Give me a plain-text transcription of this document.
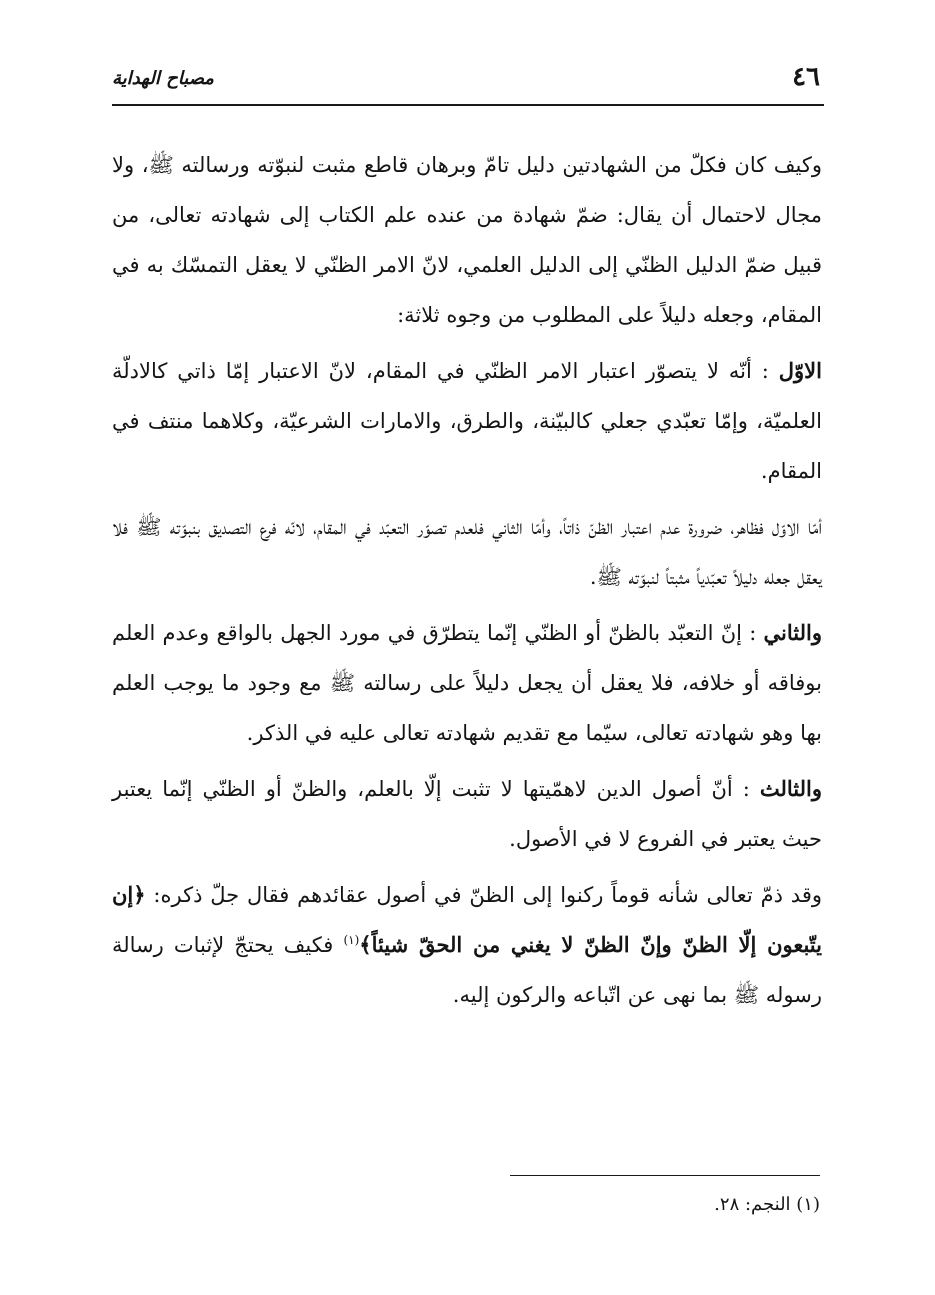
٤٦
مصباح الهداية

وكيف كان فكلّ من الشهادتين دليل تامّ وبرهان قاطع مثبت لنبوّته ورسالته ﷺ، ولا مجال لاحتمال أن يقال: ضمّ شهادة من عنده علم الكتاب إلى شهادته تعالى، من قبيل ضمّ الدليل الظنّي إلى الدليل العلمي، لانّ الامر الظنّي لا يعقل التمسّك به في المقام، وجعله دليلاً على المطلوب من وجوه ثلاثة:

الاوّل : أنّه لا يتصوّر اعتبار الامر الظنّي في المقام، لانّ الاعتبار إمّا ذاتي كالادلّة العلميّة، وإمّا تعبّدي جعلي كالبيّنة، والطرق، والامارات الشرعيّة، وكلاهما منتف في المقام.

أمّا الاوّل فظاهر، ضرورة عدم اعتبار الظنّ ذاتاً، وأمّا الثاني فلعدم تصوّر التعبّد في المقام، لانّه فرع التصديق بنبوّته ﷺ فلا يعقل جعله دليلاً تعبّدياً مثبتاً لنبوّته ﷺ.

والثاني : إنّ التعبّد بالظنّ أو الظنّي إنّما يتطرّق في مورد الجهل بالواقع وعدم العلم بوفاقه أو خلافه، فلا يعقل أن يجعل دليلاً على رسالته ﷺ مع وجود ما يوجب العلم بها وهو شهادته تعالى، سيّما مع تقديم شهادته تعالى عليه في الذكر.

والثالث : أنّ أصول الدين لاهمّيتها لا تثبت إلّا بالعلم، والظنّ أو الظنّي إنّما يعتبر حيث يعتبر في الفروع لا في الأصول.

وقد ذمّ تعالى شأنه قوماً ركنوا إلى الظنّ في أصول عقائدهم فقال جلّ ذكره: ﴿إن يتّبعون إلّا الظنّ وإنّ الظنّ لا يغني من الحقّ شيئاً﴾$^{(١)}$ فكيف يحتجّ لإثبات رسالة رسوله ﷺ بما نهى عن اتّباعه والركون إليه.

(١) النجم: ٢٨.
